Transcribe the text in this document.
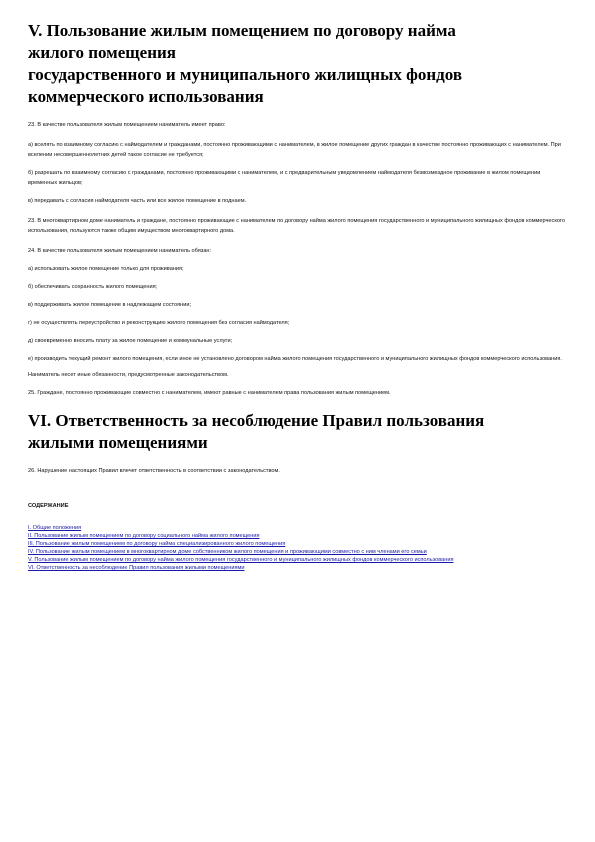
V. Пользование жилым помещением по договору найма
жилого помещения
государственного и муниципального жилищных фондов
коммерческого использования

23. В качестве пользователя жилым помещением наниматель имеет право:

а) вселять по взаимному согласию с наймодателем и гражданами, постоянно проживающими с нанимателем, в жилое помещение других граждан в качестве постоянно проживающих с нанимателем. При вселении несовершеннолетних детей такое согласие не требуется;

б) разрешать по взаимному согласию с гражданами, постоянно проживающими с нанимателем, и с предварительным уведомлением наймодателя безвозмездное проживание в жилом помещении временных жильцов;

в) передавать с согласия наймодателя часть или все жилое помещение в поднаем.

23. В многоквартирном доме наниматель и граждане, постоянно проживающие с нанимателем по договору найма жилого помещения государственного и муниципального жилищных фондов коммерческого использования, пользуются также общим имуществом многоквартирного дома.

24. В качестве пользователя жилым помещением наниматель обязан:

а) использовать жилое помещение только для проживания;

б) обеспечивать сохранность жилого помещения;

в) поддерживать жилое помещение в надлежащем состоянии;

г) не осуществлять переустройство и реконструкцию жилого помещения без согласия наймодателя;

д) своевременно вносить плату за жилое помещение и коммунальные услуги;

е) производить текущий ремонт жилого помещения, если иное не установлено договором найма жилого помещения государственного и муниципального жилищных фондов коммерческого использования.

Наниматель несет иные обязанности, предусмотренные законодательством.

25. Граждане, постоянно проживающие совместно с нанимателем, имеют равные с нанимателем права пользования жилым помещением.

VI. Ответственность за несоблюдение Правил пользования
жилыми помещениями

26. Нарушение настоящих Правил влечет ответственность в соответствии с законодательством.

СОДЕРЖАНИЕ

I. Общие положения
II. Пользование жилым помещением по договору социального найма жилого помещения
III. Пользование жилым помещением по договору найма специализированного жилого помещения
IV. Пользование жилым помещением в многоквартирном доме собственником жилого помещения и проживающими совместно с ним членами его семьи
V. Пользование жилым помещением по договору найма жилого помещения государственного и муниципального жилищных фондов коммерческого использования
VI. Ответственность за несоблюдение Правил пользования жилыми помещениями
